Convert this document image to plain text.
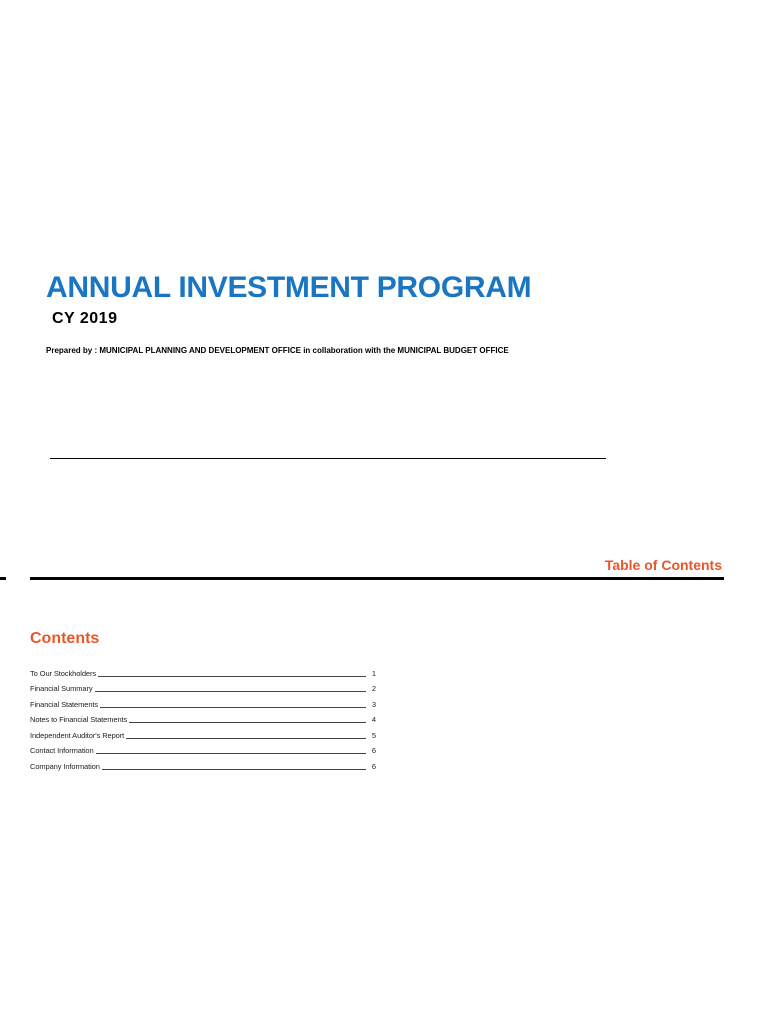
ANNUAL INVESTMENT PROGRAM
CY 2019
Prepared by : MUNICIPAL PLANNING AND DEVELOPMENT OFFICE in collaboration with the MUNICIPAL BUDGET OFFICE
Table of Contents
Contents
To Our Stockholders	1
Financial Summary	2
Financial Statements	3
Notes to Financial Statements	4
Independent Auditor's Report	5
Contact Information	6
Company Information	6
